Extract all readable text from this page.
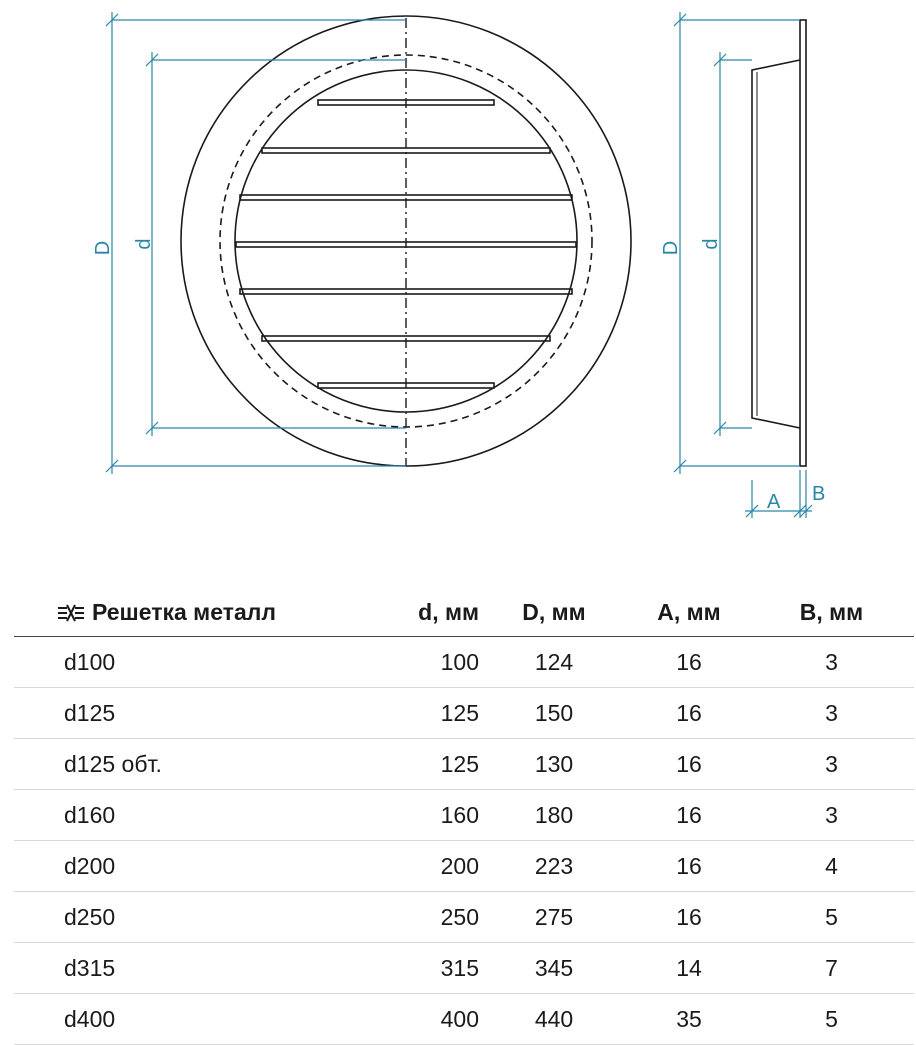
D d	D d
A B
Решетка металл	d, мм	D, мм	A, мм	B, мм
d100	100	124	16	3
d125	125	150	16	3
d125 обт.	125	130	16	3
d160	160	180	16	3
d200	200	223	16	4
d250	250	275	16	5
d315	315	345	14	7
d400	400	440	35	5
